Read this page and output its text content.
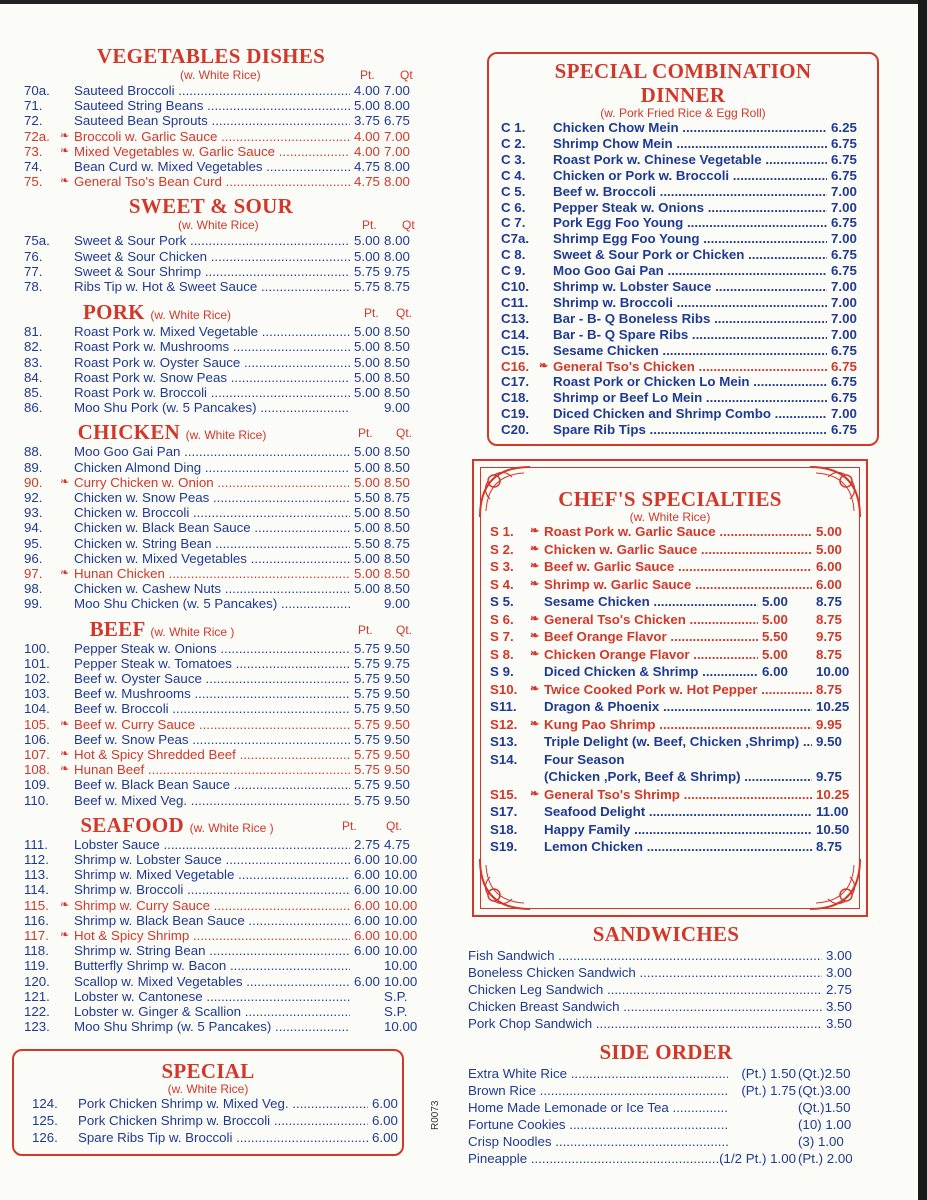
VEGETABLES DISHES
(w. White Rice)	Pt. Qt
70a. Sauteed Broccoli .....	4.00 7.00
71. Sauteed String Beans .....	5.00 8.00
72. Sauteed Bean Sprouts .....	3.75 6.75
72a. ❧ Broccoli w. Garlic Sauce .....	4.00 7.00
73. ❧ Mixed Vegetables w. Garlic Sauce .....	4.00 7.00
74. Bean Curd w. Mixed Vegetables .....	4.75 8.00
75. ❧ General Tso's Bean Curd .....	4.75 8.00
SWEET & SOUR
(w. White Rice)	Pt. Qt
75a. Sweet & Sour Pork .....	5.00 8.00
76. Sweet & Sour Chicken .....	5.00 8.00
77. Sweet & Sour Shrimp .....	5.75 9.75
78. Ribs Tip w. Hot & Sweet Sauce .....	5.75 8.75
PORK (w. White Rice)	Pt. Qt.
81. Roast Pork w. Mixed Vegetable .....	5.00 8.50
82. Roast Pork w. Mushrooms .....	5.00 8.50
83. Roast Pork w. Oyster Sauce .....	5.00 8.50
84. Roast Pork w. Snow Peas .....	5.00 8.50
85. Roast Pork w. Broccoli .....	5.00 8.50
86. Moo Shu Pork (w. 5 Pancakes) .....	9.00
CHICKEN (w. White Rice)	Pt. Qt.
88. Moo Goo Gai Pan .....	5.00 8.50
89. Chicken Almond Ding .....	5.00 8.50
90. ❧ Curry Chicken w. Onion .....	5.00 8.50
92. Chicken w. Snow Peas .....	5.50 8.75
93. Chicken w. Broccoli .....	5.00 8.50
94. Chicken w. Black Bean Sauce .....	5.00 8.50
95. Chicken w. String Bean .....	5.50 8.75
96. Chicken w. Mixed Vegetables .....	5.00 8.50
97. ❧ Hunan Chicken .....	5.00 8.50
98. Chicken w. Cashew Nuts .....	5.00 8.50
99. Moo Shu Chicken (w. 5 Pancakes) .....	9.00
BEEF (w. White Rice )	Pt. Qt.
100. Pepper Steak w. Onions .....	5.75 9.50
101. Pepper Steak w. Tomatoes .....	5.75 9.75
102. Beef w. Oyster Sauce .....	5.75 9.50
103. Beef w. Mushrooms .....	5.75 9.50
104. Beef w. Broccoli .....	5.75 9.50
105. ❧ Beef w. Curry Sauce .....	5.75 9.50
106. Beef w. Snow Peas .....	5.75 9.50
107. ❧ Hot & Spicy Shredded Beef .....	5.75 9.50
108. ❧ Hunan Beef .....	5.75 9.50
109. Beef w. Black Bean Sauce .....	5.75 9.50
110. Beef w. Mixed Veg. .....	5.75 9.50
SEAFOOD (w. White Rice )	Pt. Qt.
111. Lobster Sauce .....	2.75 4.75
112. Shrimp w. Lobster Sauce .....	6.00 10.00
113. Shrimp w. Mixed Vegetable .....	6.00 10.00
114. Shrimp w. Broccoli .....	6.00 10.00
115. ❧ Shrimp w. Curry Sauce .....	6.00 10.00
116. Shrimp w. Black Bean Sauce .....	6.00 10.00
117. ❧ Hot & Spicy Shrimp .....	6.00 10.00
118. Shrimp w. String Bean .....	6.00 10.00
119. Butterfly Shrimp w. Bacon .....	10.00
120. Scallop w. Mixed Vegetables .....	6.00 10.00
121. Lobster w. Cantonese .....	S.P.
122. Lobster w. Ginger & Scallion .....	S.P.
123. Moo Shu Shrimp (w. 5 Pancakes) .....	10.00
SPECIAL
(w. White Rice)
124. Pork Chicken Shrimp w. Mixed Veg. .....	6.00
125. Pork Chicken Shrimp w. Broccoli .....	6.00
126. Spare Ribs Tip w. Broccoli .....	6.00
SPECIAL COMBINATION
DINNER
(w. Pork Fried Rice & Egg Roll)
C 1. Chicken Chow Mein .....	6.25
C 2. Shrimp Chow Mein .....	6.75
C 3. Roast Pork w. Chinese Vegetable .....	6.75
C 4. Chicken or Pork w. Broccoli .....	6.75
C 5. Beef w. Broccoli .....	7.00
C 6. Pepper Steak w. Onions .....	7.00
C 7. Pork Egg Foo Young .....	6.75
C7a. Shrimp Egg Foo Young .....	7.00
C 8. Sweet & Sour Pork or Chicken .....	6.75
C 9. Moo Goo Gai Pan .....	6.75
C10. Shrimp w. Lobster Sauce .....	7.00
C11. Shrimp w. Broccoli .....	7.00
C13. Bar - B- Q Boneless Ribs .....	7.00
C14. Bar - B- Q Spare Ribs .....	7.00
C15. Sesame Chicken .....	6.75
C16. ❧ General Tso's Chicken .....	6.75
C17. Roast Pork or Chicken Lo Mein .....	6.75
C18. Shrimp or Beef Lo Mein .....	6.75
C19. Diced Chicken and Shrimp Combo .....	7.00
C20. Spare Rib Tips .....	6.75
CHEF'S SPECIALTIES
(w. White Rice)
S 1. ❧ Roast Pork w. Garlic Sauce .....	5.00
S 2. ❧ Chicken w. Garlic Sauce .....	5.00
S 3. ❧ Beef w. Garlic Sauce .....	6.00
S 4. ❧ Shrimp w. Garlic Sauce .....	6.00
S 5. Sesame Chicken .....	5.00 8.75
S 6. ❧ General Tso's Chicken .....	5.00 8.75
S 7. ❧ Beef Orange Flavor .....	5.50 9.75
S 8. ❧ Chicken Orange Flavor .....	5.00 8.75
S 9. Diced Chicken & Shrimp .....	6.00 10.00
S10. ❧ Twice Cooked Pork w. Hot Pepper .....	8.75
S11. Dragon & Phoenix .....	10.25
S12. ❧ Kung Pao Shrimp .....	9.95
S13. Triple Delight (w. Beef, Chicken ,Shrimp) .....	9.50
S14. Four Season
(Chicken ,Pork, Beef & Shrimp) .....	9.75
S15. ❧ General Tso's Shrimp .....	10.25
S17. Seafood Delight .....	11.00
S18. Happy Family .....	10.50
S19. Lemon Chicken .....	8.75
SANDWICHES
Fish Sandwich .....	3.00
Boneless Chicken Sandwich .....	3.00
Chicken Leg Sandwich .....	2.75
Chicken Breast Sandwich .....	3.50
Pork Chop Sandwich .....	3.50
SIDE ORDER
Extra White Rice .....	(Pt.) 1.50 (Qt.)2.50
Brown Rice .....	(Pt.) 1.75 (Qt.)3.00
Home Made Lemonade or Ice Tea .....	(Qt.)1.50
Fortune Cookies .....	(10) 1.00
Crisp Noodles .....	(3) 1.00
Pineapple .....	(1/2 Pt.) 1.00 (Pt.) 2.00
R0073
